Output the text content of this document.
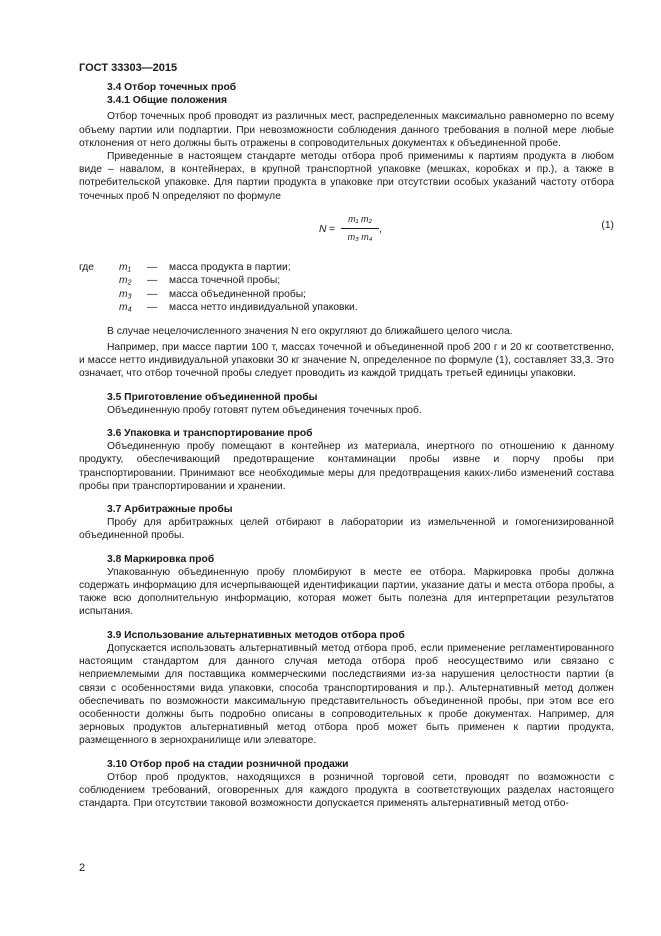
ГОСТ 33303—2015
3.4 Отбор точечных проб
3.4.1 Общие положения

Отбор точечных проб проводят из различных мест, распределенных максимально равномерно по всему объему партии или подпартии. При невозможности соблюдения данного требования в полной мере любые отклонения от него должны быть отражены в сопроводительных документах к объединенной пробе.

Приведенные в настоящем стандарте методы отбора проб применимы к партиям продукта в любом виде – навалом, в контейнерах, в крупной транспортной упаковке (мешках, коробках и пр.), а также в потребительской упаковке. Для партии продукта в упаковке при отсутствии особых указаний частоту отбора точечных проб N определяют по формуле

N =
m₁ m₂
m₃ m₄
,	(1)
где	m₁	—	масса продукта в партии;
m₂	—	масса точечной пробы;
m₃	—	масса объединенной пробы;
m₄	—	масса нетто индивидуальной упаковки.

В случае нецелочисленного значения N его округляют до ближайшего целого числа.

Например, при массе партии 100 т, массах точечной и объединенной проб 200 г и 20 кг соответственно, и массе нетто индивидуальной упаковки 30 кг значение N, определенное по формуле (1), составляет 33,3. Это означает, что отбор точечной пробы следует проводить из каждой тридцать третьей единицы упаковки.

3.5 Приготовление объединенной пробы

Объединенную пробу готовят путем объединения точечных проб.

3.6 Упаковка и транспортирование проб

Объединенную пробу помещают в контейнер из материала, инертного по отношению к данному продукту, обеспечивающий предотвращение контаминации пробы извне и порчу пробы при транспортировании. Принимают все необходимые меры для предотвращения каких-либо изменений состава пробы при транспортировании и хранении.

3.7 Арбитражные пробы

Пробу для арбитражных целей отбирают в лаборатории из измельченной и гомогенизированной объединенной пробы.

3.8 Маркировка проб

Упакованную объединенную пробу пломбируют в месте ее отбора. Маркировка пробы должна содержать информацию для исчерпывающей идентификации партии, указание даты и места отбора пробы, а также всю дополнительную информацию, которая может быть полезна для интерпретации результатов испытания.

3.9 Использование альтернативных методов отбора проб

Допускается использовать альтернативный метод отбора проб, если применение регламентированного настоящим стандартом для данного случая метода отбора проб неосуществимо или связано с неприемлемыми для поставщика коммерческими последствиями из-за нарушения целостности партии (в связи с особенностями вида упаковки, способа транспортирования и пр.). Альтернативный метод должен обеспечивать по возможности максимальную представительность объединенной пробы, при этом все его особенности должны быть подробно описаны в сопроводительных к пробе документах. Например, для зерновых продуктов альтернативный метод отбора проб может быть применен к партии продукта, размещенного в зернохранилище или элеваторе.

3.10 Отбор проб на стадии розничной продажи

Отбор проб продуктов, находящихся в розничной торговой сети, проводят по возможности с соблюдением требований, оговоренных для каждого продукта в соответствующих разделах настоящего стандарта. При отсутствии таковой возможности допускается применять альтернативный метод отбо-

2
